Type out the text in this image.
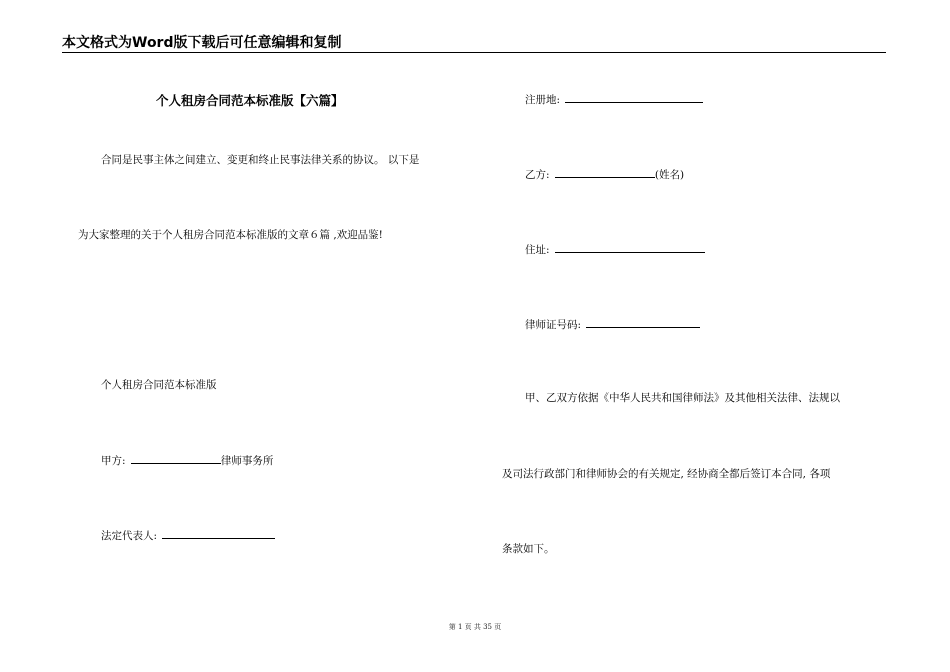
本文格式为Word版下载后可任意编辑和复制
个人租房合同范本标准版【六篇】
合同是民事主体之间建立、变更和终止民事法律关系的协议。 以下是
为大家整理的关于个人租房合同范本标准版的文章６篇 ,欢迎品鉴!
个人租房合同范本标准版
甲方:	律师事务所
法定代表人:
注册地:
乙方:	(姓名)
住址:
律师证号码:
甲、乙双方依据《中华人民共和国律师法》及其他相关法律、法规以
及司法行政部门和律师协会的有关规定, 经协商全都后签订本合同, 各项
条款如下。
第 1 页 共 35 页
